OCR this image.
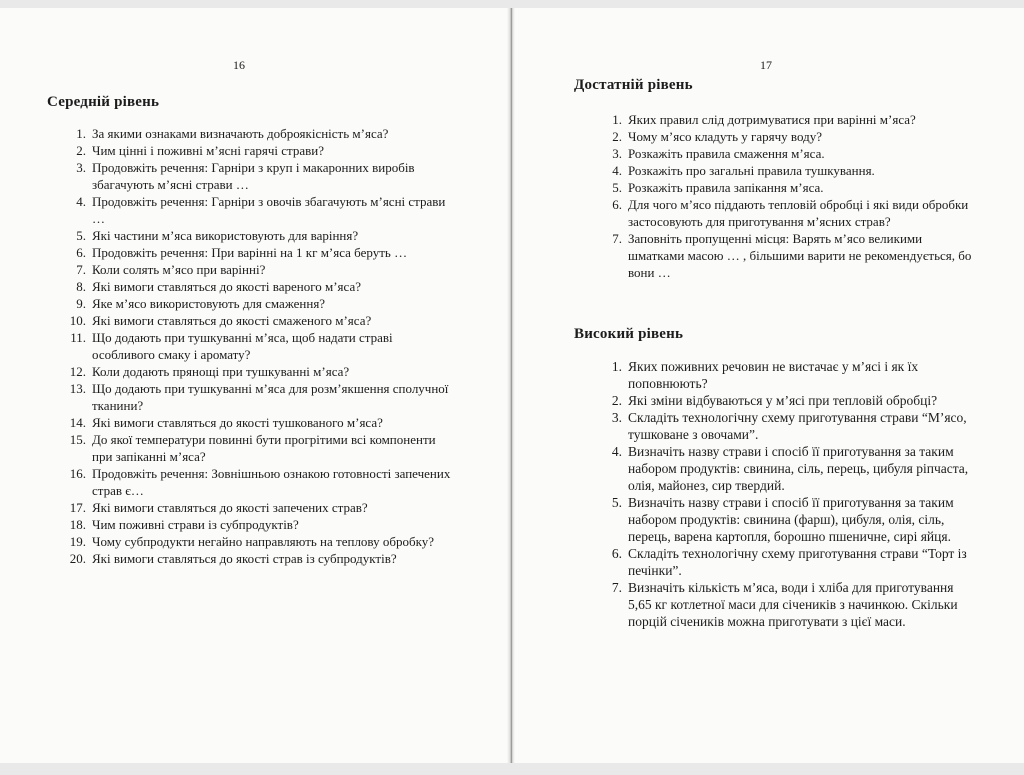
16
Середній рівень
1. За якими ознаками визначають доброякісність м’яса?
2. Чим цінні і поживні м’ясні гарячі страви?
3. Продовжіть речення: Гарніри з круп і макаронних виробів збагачують м’ясні страви …
4. Продовжіть речення: Гарніри з овочів збагачують м’ясні страви …
5. Які частини м’яса використовують для варіння?
6. Продовжіть речення: При варінні на 1 кг м’яса беруть …
7. Коли солять м’ясо при варінні?
8. Які вимоги ставляться до якості вареного м’яса?
9. Яке м’ясо використовують для смаження?
10. Які вимоги ставляться до якості смаженого м’яса?
11. Що додають при тушкуванні м’яса, щоб надати страві особливого смаку і аромату?
12. Коли додають прянощі при тушкуванні м’яса?
13. Що додають при тушкуванні м’яса для розм’якшення сполучної тканини?
14. Які вимоги ставляться до якості тушкованого м’яса?
15. До якої температури повинні бути прогрітими всі компоненти при запіканні м’яса?
16. Продовжіть речення: Зовнішньою ознакою готовності запечених страв є…
17. Які вимоги ставляться до якості запечених страв?
18. Чим поживні страви із субпродуктів?
19. Чому субпродукти негайно направляють на теплову обробку?
20. Які вимоги ставляться до якості страв із субпродуктів?
17
Достатній рівень
1. Яких правил слід дотримуватися при варінні м’яса?
2. Чому м’ясо кладуть у гарячу воду?
3. Розкажіть правила смаження м’яса.
4. Розкажіть про загальні правила тушкування.
5. Розкажіть правила запікання м’яса.
6. Для чого м’ясо піддають тепловій обробці і які види обробки застосовують для приготування м’ясних страв?
7. Заповніть пропущенні місця: Варять м’ясо великими шматками масою … , більшими варити не рекомендується, бо вони …
Високий рівень
1. Яких поживних речовин не вистачає у м’ясі і як їх поповнюють?
2. Які зміни відбуваються у м’ясі при тепловій обробці?
3. Складіть технологічну схему приготування страви “М’ясо, тушковане з овочами”.
4. Визначіть назву страви і спосіб її приготування за таким набором продуктів: свинина, сіль, перець, цибуля ріпчаста, олія, майонез, сир твердий.
5. Визначіть назву страви і спосіб її приготування за таким набором продуктів: свинина (фарш), цибуля, олія, сіль, перець, варена картопля, борошно пшеничне, сирі яйця.
6. Складіть технологічну схему приготування страви “Торт із печінки”.
7. Визначіть кількість м’яса, води і хліба для приготування 5,65 кг котлетної маси для січеників з начинкою. Скільки порцій січеників можна приготувати з цієї маси.
